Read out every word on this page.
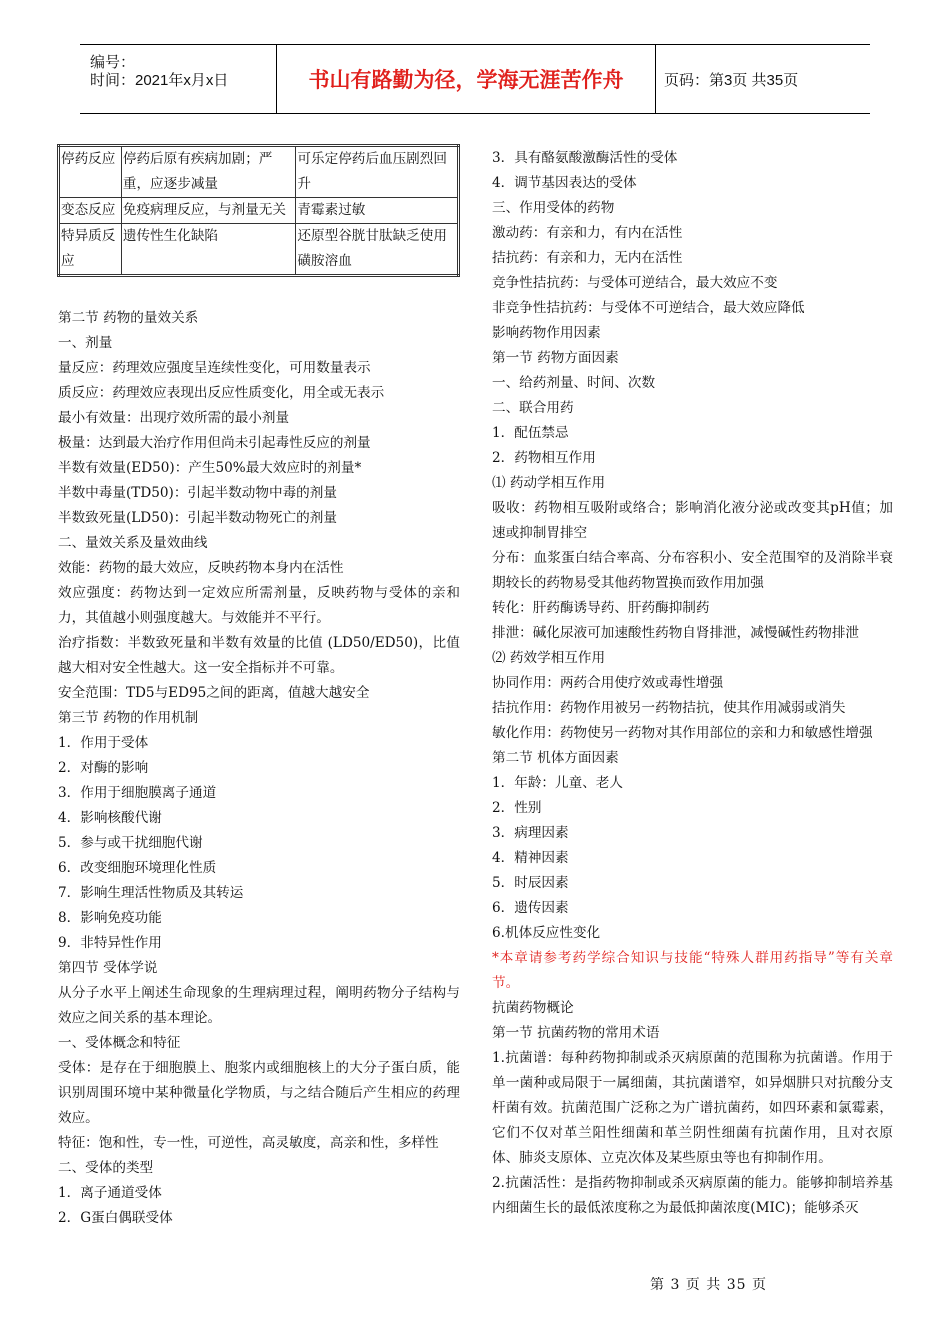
编号：
时间：2021年x月x日	书山有路勤为径，学海无涯苦作舟	页码：第3页 共35页
停药反应	停药后原有疾病加剧；严重，应逐步减量	可乐定停药后血压剧烈回升
变态反应	免疫病理反应，与剂量无关	青霉素过敏
特异质反应	遗传性生化缺陷	还原型谷胱甘肽缺乏使用磺胺溶血

第二节 药物的量效关系

一、剂量

量反应：药理效应强度呈连续性变化，可用数量表示

质反应：药理效应表现出反应性质变化，用全或无表示

最小有效量：出现疗效所需的最小剂量

极量：达到最大治疗作用但尚未引起毒性反应的剂量

半数有效量(ED50)：产生50%最大效应时的剂量*

半数中毒量(TD50)：引起半数动物中毒的剂量

半数致死量(LD50)：引起半数动物死亡的剂量

二、量效关系及量效曲线

效能：药物的最大效应，反映药物本身内在活性

效应强度：药物达到一定效应所需剂量，反映药物与受体的亲和力，其值越小则强度越大。与效能并不平行。

治疗指数：半数致死量和半数有效量的比值 (LD50/ED50)，比值越大相对安全性越大。这一安全指标并不可靠。

安全范围：TD5与ED95之间的距离，值越大越安全

第三节 药物的作用机制

1．作用于受体

2．对酶的影响

3．作用于细胞膜离子通道

4．影响核酸代谢

5．参与或干扰细胞代谢

6．改变细胞环境理化性质

7．影响生理活性物质及其转运

8．影响免疫功能

9．非特异性作用

第四节 受体学说

从分子水平上阐述生命现象的生理病理过程，阐明药物分子结构与效应之间关系的基本理论。

一、受体概念和特征

受体：是存在于细胞膜上、胞浆内或细胞核上的大分子蛋白质，能识别周围环境中某种微量化学物质，与之结合随后产生相应的药理效应。

特征：饱和性，专一性，可逆性，高灵敏度，高亲和性，多样性

二、受体的类型

1．离子通道受体

2．G蛋白偶联受体

3．具有酪氨酸激酶活性的受体

4．调节基因表达的受体

三、作用受体的药物

激动药：有亲和力，有内在活性

拮抗药：有亲和力，无内在活性

竞争性拮抗药：与受体可逆结合，最大效应不变

非竞争性拮抗药：与受体不可逆结合，最大效应降低

影响药物作用因素

第一节 药物方面因素

一、给药剂量、时间、次数

二、联合用药

1．配伍禁忌

2．药物相互作用

⑴ 药动学相互作用

吸收：药物相互吸附或络合；影响消化液分泌或改变其pH值；加速或抑制胃排空

分布：血浆蛋白结合率高、分布容积小、安全范围窄的及消除半衰期较长的药物易受其他药物置换而致作用加强

转化：肝药酶诱导药、肝药酶抑制药

排泄：碱化尿液可加速酸性药物自肾排泄，减慢碱性药物排泄

⑵ 药效学相互作用

协同作用：两药合用使疗效或毒性增强

拮抗作用：药物作用被另一药物拮抗，使其作用减弱或消失

敏化作用：药物使另一药物对其作用部位的亲和力和敏感性增强

第二节 机体方面因素

1．年龄：儿童、老人

2．性别

3．病理因素

4．精神因素

5．时辰因素

6．遗传因素

6.机体反应性变化

*本章请参考药学综合知识与技能“特殊人群用药指导”等有关章节。

抗菌药物概论

第一节 抗菌药物的常用术语

1.抗菌谱：每种药物抑制或杀灭病原菌的范围称为抗菌谱。作用于单一菌种或局限于一属细菌，其抗菌谱窄，如异烟肼只对抗酸分支杆菌有效。抗菌范围广泛称之为广谱抗菌药，如四环素和氯霉素，它们不仅对革兰阳性细菌和革兰阴性细菌有抗菌作用，且对衣原体、肺炎支原体、立克次体及某些原虫等也有抑制作用。

2.抗菌活性：是指药物抑制或杀灭病原菌的能力。能够抑制培养基内细菌生长的最低浓度称之为最低抑菌浓度(MIC)；能够杀灭

第 3 页 共 35 页
